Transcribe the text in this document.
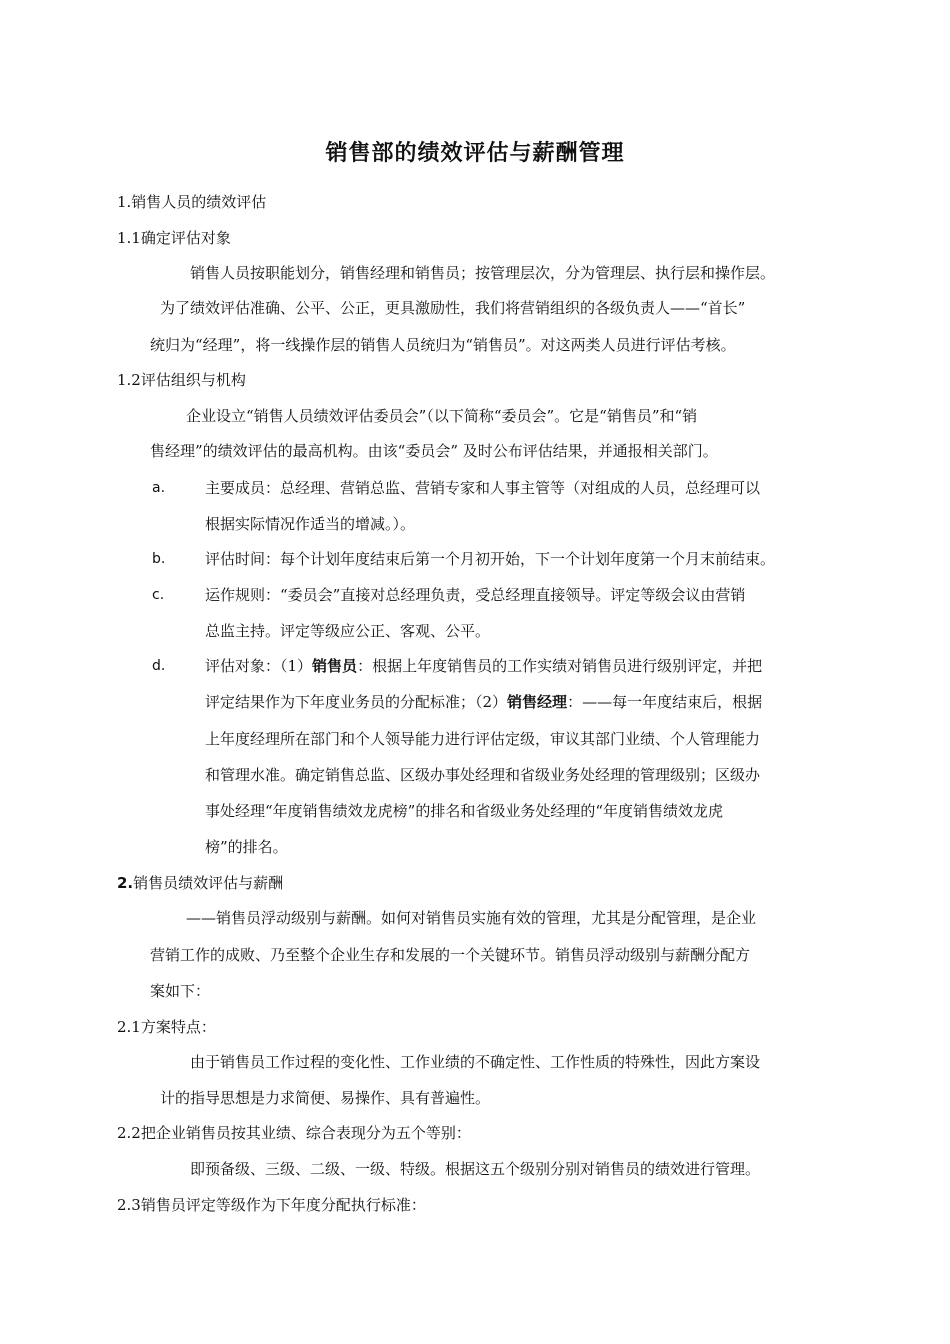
销售部的绩效评估与薪酬管理
1.销售人员的绩效评估
1.1确定评估对象
销售人员按职能划分，销售经理和销售员；按管理层次，分为管理层、执行层和操作层。
为了绩效评估准确、公平、公正，更具激励性，我们将营销组织的各级负责人——“首长”
统归为“经理”，将一线操作层的销售人员统归为“销售员”。对这两类人员进行评估考核。
1.2评估组织与机构
企业设立“销售人员绩效评估委员会”（以下简称“委员会”。它是“销售员”和“销
售经理”的绩效评估的最高机构。由该“委员会” 及时公布评估结果，并通报相关部门。
a.	主要成员：总经理、营销总监、营销专家和人事主管等（对组成的人员，总经理可以
根据实际情况作适当的增减。）。
b.	评估时间：每个计划年度结束后第一个月初开始，下一个计划年度第一个月末前结束。
c.	运作规则：“委员会”直接对总经理负责，受总经理直接领导。评定等级会议由营销
总监主持。评定等级应公正、客观、公平。
d.	评估对象：（1）销售员：根据上年度销售员的工作实绩对销售员进行级别评定，并把
评定结果作为下年度业务员的分配标准；（2）销售经理：——每一年度结束后，根据
上年度经理所在部门和个人领导能力进行评估定级，审议其部门业绩、个人管理能力
和管理水准。确定销售总监、区级办事处经理和省级业务处经理的管理级别；区级办
事处经理“年度销售绩效龙虎榜”的排名和省级业务处经理的“年度销售绩效龙虎
榜”的排名。
2.销售员绩效评估与薪酬
——销售员浮动级别与薪酬。如何对销售员实施有效的管理，尤其是分配管理，是企业
营销工作的成败、乃至整个企业生存和发展的一个关键环节。销售员浮动级别与薪酬分配方
案如下：
2.1方案特点：
由于销售员工作过程的变化性、工作业绩的不确定性、工作性质的特殊性，因此方案设
计的指导思想是力求简便、易操作、具有普遍性。
2.2把企业销售员按其业绩、综合表现分为五个等别：
即预备级、三级、二级、一级、特级。根据这五个级别分别对销售员的绩效进行管理。
2.3销售员评定等级作为下年度分配执行标准：
